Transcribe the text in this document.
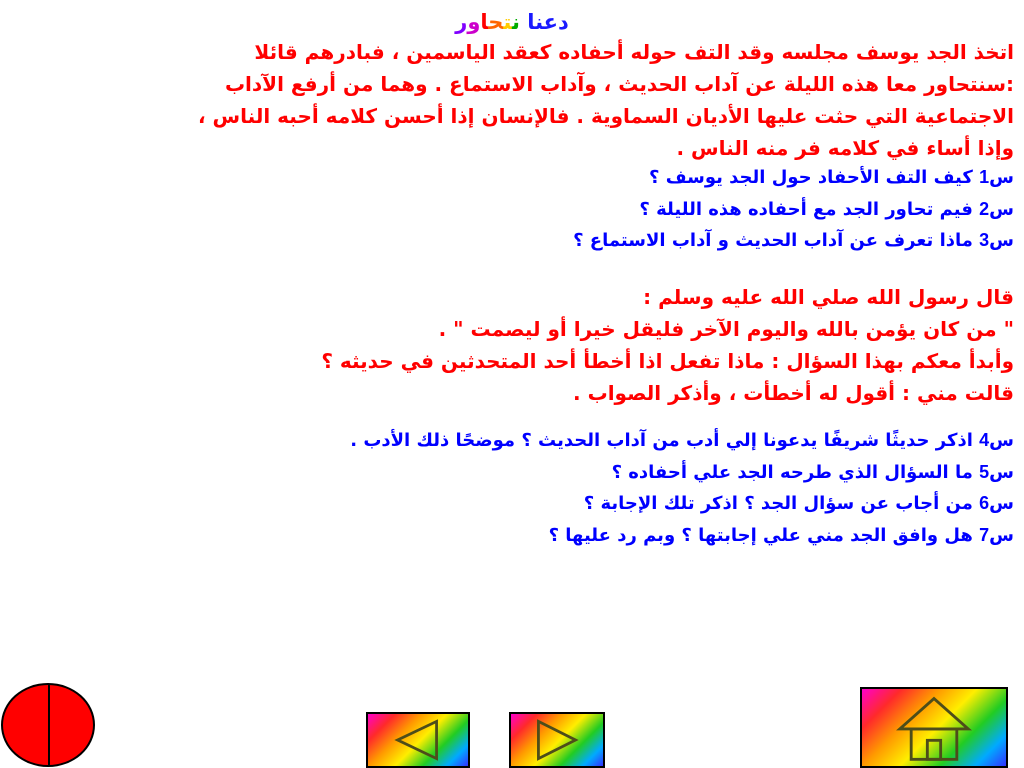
دعنا نتحاور
اتخذ الجد يوسف مجلسه وقد التف حوله أحفاده كعقد الياسمين ، فبادرهم قائلا
:سنتحاور معا هذه الليلة عن آداب الحديث ، وآداب الاستماع . وهما من أرفع الآداب
الاجتماعية التي حثت عليها الأديان السماوية . فالإنسان إذا أحسن كلامه أحبه الناس ،
وإذا أساء في كلامه فر منه الناس .
س1 كيف التف الأحفاد حول الجد يوسف ؟
س2 فيم تحاور الجد مع أحفاده هذه الليلة ؟
س3 ماذا تعرف عن آداب الحديث و آداب الاستماع ؟
قال رسول الله صلي الله عليه وسلم :
" من كان يؤمن بالله واليوم الآخر فليقل خيرا أو ليصمت " .
وأبدأ معكم بهذا السؤال : ماذا تفعل اذا أخطأ أحد المتحدثين في حديثه ؟
قالت مني : أقول له أخطأت ، وأذكر الصواب .
س4 اذكر حديثًا شريفًا يدعونا إلي أدب من آداب الحديث ؟ موضحًا ذلك الأدب .
س5 ما السؤال الذي طرحه الجد علي أحفاده ؟
س6 من أجاب عن سؤال الجد ؟ اذكر تلك الإجابة ؟
س7 هل وافق الجد مني علي إجابتها ؟ وبم رد عليها ؟
